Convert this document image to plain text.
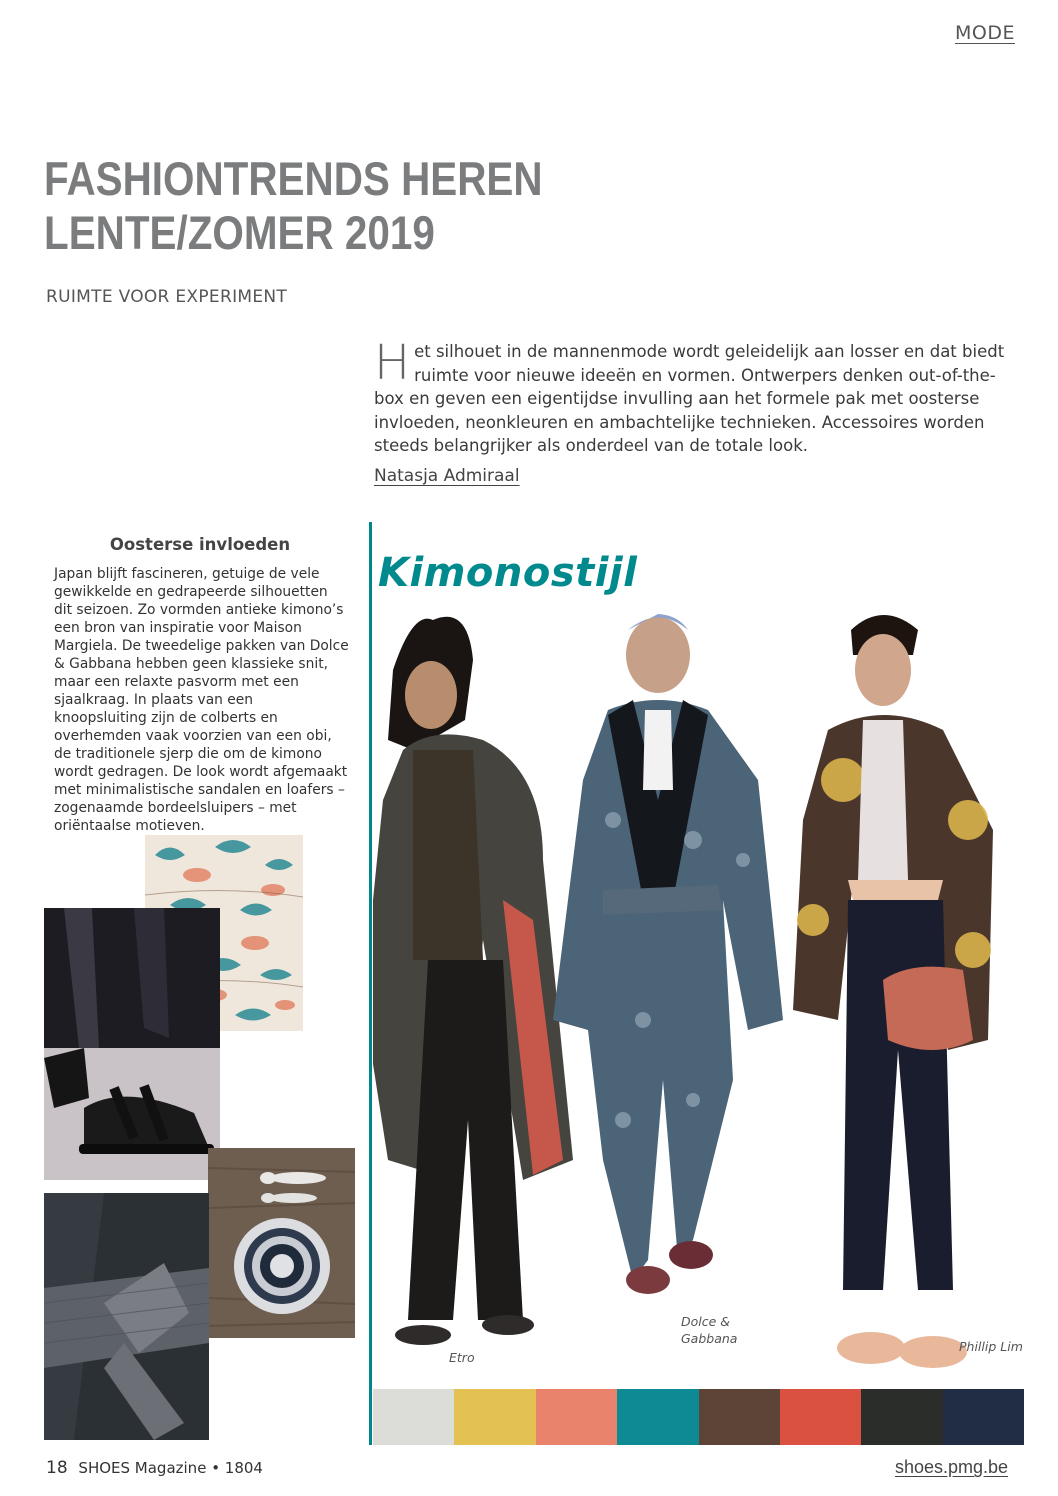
MODE
FASHIONTRENDS HEREN
LENTE/ZOMER 2019
RUIMTE VOOR EXPERIMENT
Het silhouet in de mannenmode wordt geleidelijk aan losser en dat biedt ruimte voor nieuwe ideeën en vormen. Ontwerpers denken out-of-the-box en geven een eigentijdse invulling aan het formele pak met oosterse invloeden, neonkleuren en ambachtelijke technieken. Accessoires worden steeds belangrijker als onderdeel van de totale look.
Natasja Admiraal
Oosterse invloeden
Japan blijft fascineren, getuige de vele gewikkelde en gedrapeerde silhouetten dit seizoen. Zo vormden antieke kimono’s een bron van inspiratie voor Maison Margiela. De tweedelige pakken van Dolce & Gabbana hebben geen klassieke snit, maar een relaxte pasvorm met een sjaalkraag. In plaats van een knoopsluiting zijn de colberts en overhemden vaak voorzien van een obi, de traditionele sjerp die om de kimono wordt gedragen. De look wordt afgemaakt met minimalistische sandalen en loafers – zogenaamde bordeelsluipers – met oriëntaalse motieven.
Kimonostijl
Etro
Dolce & Gabbana
Phillip Lim
18 SHOES Magazine • 1804	shoes.pmg.be
